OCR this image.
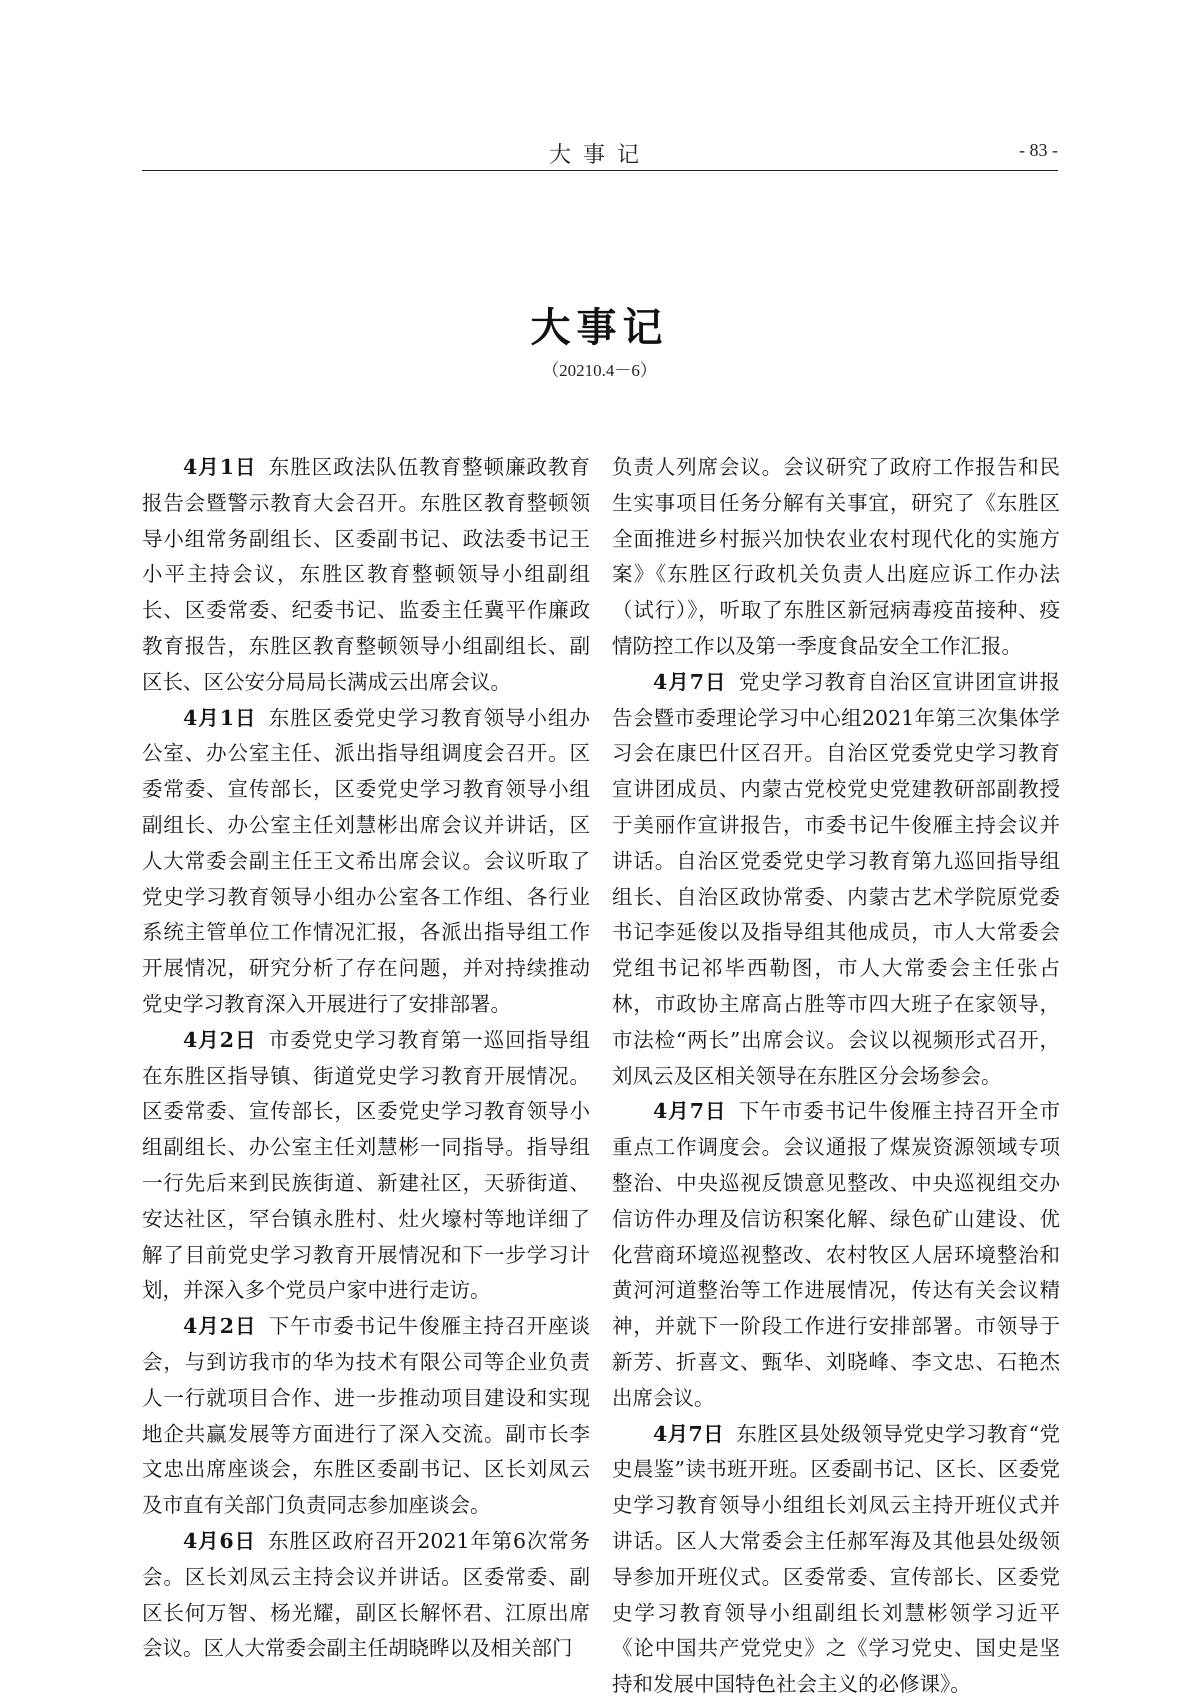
大事记	- 83 -
大事记
（20210.4－6）

4月1日 东胜区政法队伍教育整顿廉政教育报告会暨警示教育大会召开。东胜区教育整顿领导小组常务副组长、区委副书记、政法委书记王小平主持会议，东胜区教育整顿领导小组副组长、区委常委、纪委书记、监委主任冀平作廉政教育报告，东胜区教育整顿领导小组副组长、副区长、区公安分局局长满成云出席会议。

4月1日 东胜区委党史学习教育领导小组办公室、办公室主任、派出指导组调度会召开。区委常委、宣传部长，区委党史学习教育领导小组副组长、办公室主任刘慧彬出席会议并讲话，区人大常委会副主任王文希出席会议。会议听取了党史学习教育领导小组办公室各工作组、各行业系统主管单位工作情况汇报，各派出指导组工作开展情况，研究分析了存在问题，并对持续推动党史学习教育深入开展进行了安排部署。

4月2日 市委党史学习教育第一巡回指导组在东胜区指导镇、街道党史学习教育开展情况。区委常委、宣传部长，区委党史学习教育领导小组副组长、办公室主任刘慧彬一同指导。指导组一行先后来到民族街道、新建社区，天骄街道、安达社区，罕台镇永胜村、灶火壕村等地详细了解了目前党史学习教育开展情况和下一步学习计划，并深入多个党员户家中进行走访。

4月2日 下午市委书记牛俊雁主持召开座谈会，与到访我市的华为技术有限公司等企业负责人一行就项目合作、进一步推动项目建设和实现地企共赢发展等方面进行了深入交流。副市长李文忠出席座谈会，东胜区委副书记、区长刘凤云及市直有关部门负责同志参加座谈会。

4月6日 东胜区政府召开2021年第6次常务会。区长刘凤云主持会议并讲话。区委常委、副区长何万智、杨光耀，副区长解怀君、江原出席会议。区人大常委会副主任胡晓晔以及相关部门

负责人列席会议。会议研究了政府工作报告和民生实事项目任务分解有关事宜，研究了《东胜区全面推进乡村振兴加快农业农村现代化的实施方案》《东胜区行政机关负责人出庭应诉工作办法（试行）》，听取了东胜区新冠病毒疫苗接种、疫情防控工作以及第一季度食品安全工作汇报。

4月7日 党史学习教育自治区宣讲团宣讲报告会暨市委理论学习中心组2021年第三次集体学习会在康巴什区召开。自治区党委党史学习教育宣讲团成员、内蒙古党校党史党建教研部副教授于美丽作宣讲报告，市委书记牛俊雁主持会议并讲话。自治区党委党史学习教育第九巡回指导组组长、自治区政协常委、内蒙古艺术学院原党委书记李延俊以及指导组其他成员，市人大常委会党组书记祁毕西勒图，市人大常委会主任张占林，市政协主席高占胜等市四大班子在家领导，市法检“两长”出席会议。会议以视频形式召开，刘凤云及区相关领导在东胜区分会场参会。

4月7日 下午市委书记牛俊雁主持召开全市重点工作调度会。会议通报了煤炭资源领域专项整治、中央巡视反馈意见整改、中央巡视组交办信访件办理及信访积案化解、绿色矿山建设、优化营商环境巡视整改、农村牧区人居环境整治和黄河河道整治等工作进展情况，传达有关会议精神，并就下一阶段工作进行安排部署。市领导于新芳、折喜文、甄华、刘晓峰、李文忠、石艳杰出席会议。

4月7日 东胜区县处级领导党史学习教育“党史晨鉴”读书班开班。区委副书记、区长、区委党史学习教育领导小组组长刘凤云主持开班仪式并讲话。区人大常委会主任郝军海及其他县处级领导参加开班仪式。区委常委、宣传部长、区委党史学习教育领导小组副组长刘慧彬领学习近平《论中国共产党党史》之《学习党史、国史是坚持和发展中国特色社会主义的必修课》。
